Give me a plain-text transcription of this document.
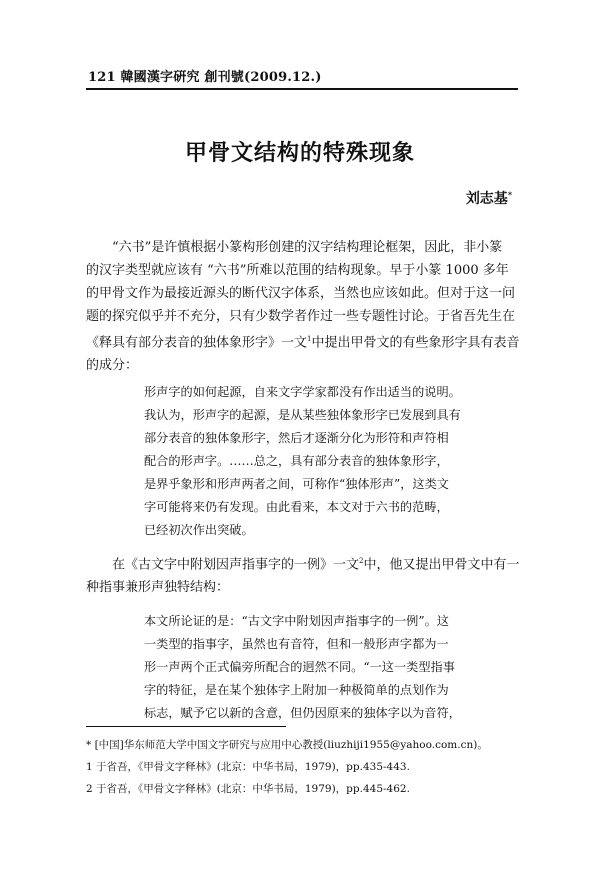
121 韓國漢字硏究 創刊號(2009.12.)
甲骨文结构的特殊现象
刘志基*
“六书”是许慎根据小篆构形创建的汉字结构理论框架，因此，非小篆
的汉字类型就应该有 “六书”所难以范围的结构现象。早于小篆 1000 多年
的甲骨文作为最接近源头的断代汉字体系，当然也应该如此。但对于这一问
题的探究似乎并不充分，只有少数学者作过一些专题性讨论。于省吾先生在
《释具有部分表音的独体象形字》一文$^1$中提出甲骨文的有些象形字具有表音
的成分：
形声字的如何起源，自来文字学家都没有作出适当的说明。
我认为，形声字的起源，是从某些独体象形字已发展到具有
部分表音的独体象形字，然后才逐渐分化为形符和声符相
配合的形声字。……总之，具有部分表音的独体象形字，
是界乎象形和形声两者之间，可称作“独体形声”，这类文
字可能将来仍有发现。由此看来，本文对于六书的范畴，
已经初次作出突破。
在《古文字中附划因声指事字的一例》一文$^2$中，他又提出甲骨文中有一
种指事兼形声独特结构：
本文所论证的是：“古文字中附划因声指事字的一例”。这
一类型的指事字，虽然也有音符，但和一般形声字都为一
形一声两个正式偏旁所配合的迥然不同。“一这一类型指事
字的特征，是在某个独体字上附加一种极简单的点划作为
标志，赋予它以新的含意，但仍因原来的独体字以为音符，
* [中国]华东师范大学中国文字研究与应用中心教授(liuzhiji1955@yahoo.com.cn)。
1 于省吾，《甲骨文字释林》(北京：中华书局，1979)，pp.435-443.
2 于省吾，《甲骨文字释林》(北京：中华书局，1979)，pp.445-462.
